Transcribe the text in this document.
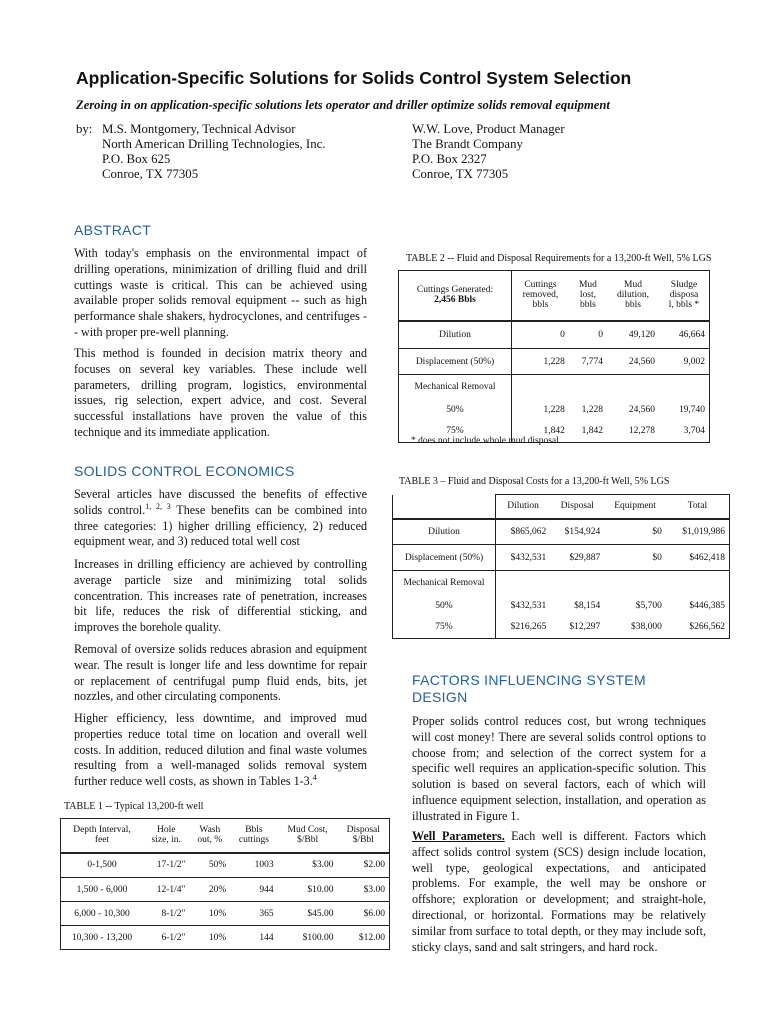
Application-Specific Solutions for Solids Control System Selection
Zeroing in on application-specific solutions lets operator and driller optimize solids removal equipment
by: M.S. Montgomery, Technical Advisor
North American Drilling Technologies, Inc.
P.O. Box 625
Conroe, TX 77305
W.W. Love, Product Manager
The Brandt Company
P.O. Box 2327
Conroe, TX 77305
ABSTRACT

With today's emphasis on the environmental impact of drilling operations, minimization of drilling fluid and drill cuttings waste is critical. This can be achieved using available proper solids removal equipment -- such as high performance shale shakers, hydrocyclones, and centrifuges -- with proper pre-well planning.

This method is founded in decision matrix theory and focuses on several key variables. These include well parameters, drilling program, logistics, environmental issues, rig selection, expert advice, and cost. Several successful installations have proven the value of this technique and its immediate application.

SOLIDS CONTROL ECONOMICS

Several articles have discussed the benefits of effective solids control.$^{1, 2, 3}$ These benefits can be combined into three categories: 1) higher drilling efficiency, 2) reduced equipment wear, and 3) reduced total well cost

Increases in drilling efficiency are achieved by controlling average particle size and minimizing total solids concentration. This increases rate of penetration, increases bit life, reduces the risk of differential sticking, and improves the borehole quality.

Removal of oversize solids reduces abrasion and equipment wear. The result is longer life and less downtime for repair or replacement of centrifugal pump fluid ends, bits, jet nozzles, and other circulating components.

Higher efficiency, less downtime, and improved mud properties reduce total time on location and overall well costs. In addition, reduced dilution and final waste volumes resulting from a well-managed solids removal system further reduce well costs, as shown in Tables 1-3.$^4$

TABLE 1 -- Typical 13,200-ft well
Depth Interval,
feet	Hole
size, in.	Wash
out, %	Bbls
cuttings	Mud Cost,
$/Bbl	Disposal
$/Bbl
0-1,500	17-1/2"	50%	1003	$3.00	$2.00
1,500 - 6,000	12-1/4"	20%	944	$10.00	$3.00
6,000 - 10,300	8-1/2"	10%	365	$45.00	$6.00
10,300 - 13,200	6-1/2"	10%	144	$100.00	$12.00
TABLE 2 -- Fluid and Disposal Requirements for a 13,200-ft Well, 5% LGS
Cuttings Generated:
2,456 Bbls	Cuttings
removed,
bbls	Mud
lost,
bbls	Mud
dilution,
bbls	Sludge
disposa
l, bbls *
Dilution	0	0	49,120	46,664
Displacement (50%)	1,228	7,774	24,560	9,002
Mechanical Removal				
50%	1,228	1,228	24,560	19,740
75%	1,842	1,842	12,278	3,704
* does not include whole mud disposal
TABLE 3 – Fluid and Disposal Costs for a 13,200-ft Well, 5% LGS
	Dilution	Disposal	Equipment	Total
Dilution	$865,062	$154,924	$0	$1,019,986
Displacement (50%)	$432,531	$29,887	$0	$462,418
Mechanical Removal				
50%	$432,531	$8,154	$5,700	$446,385
75%	$216,265	$12,297	$38,000	$266,562
FACTORS INFLUENCING SYSTEM
DESIGN

Proper solids control reduces cost, but wrong techniques will cost money! There are several solids control options to choose from; and selection of the correct system for a specific well requires an application-specific solution. This solution is based on several factors, each of which will influence equipment selection, installation, and operation as illustrated in Figure 1.

Well Parameters. Each well is different. Factors which affect solids control system (SCS) design include location, well type, geological expectations, and anticipated problems. For example, the well may be onshore or offshore; exploration or development; and straight-hole, directional, or horizontal. Formations may be relatively similar from surface to total depth, or they may include soft, sticky clays, sand and salt stringers, and hard rock.
